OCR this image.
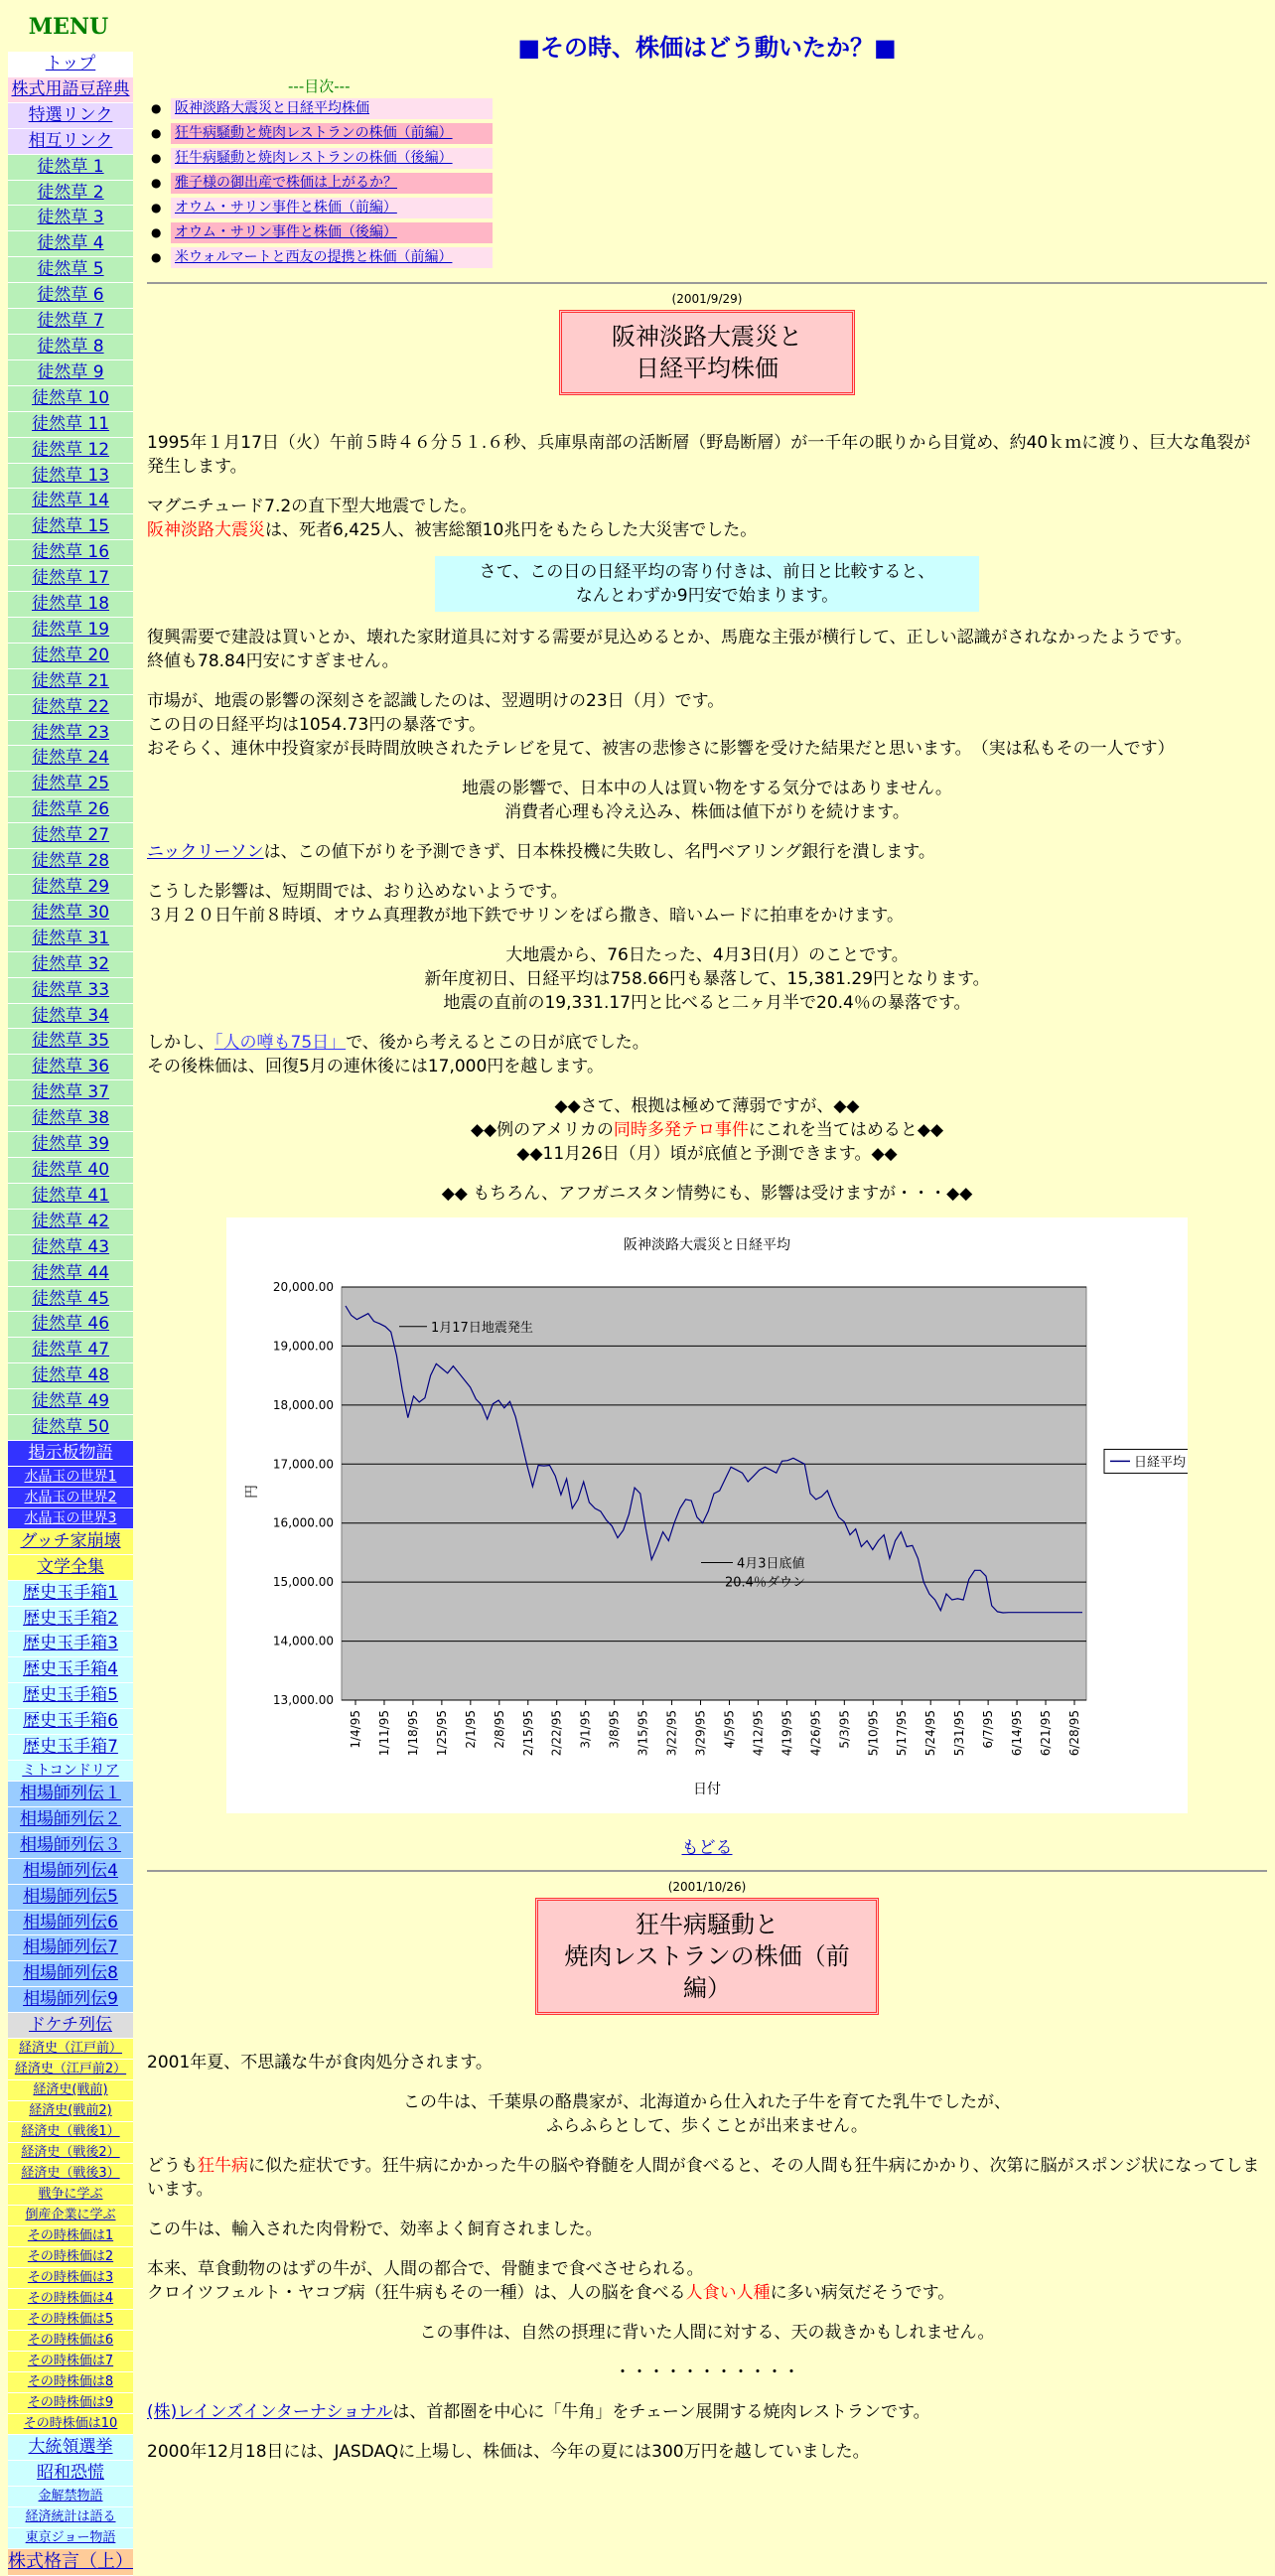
MENU
トップ
株式用語豆辞典
特選リンク
相互リンク
徒然草 1
徒然草 2
徒然草 3
徒然草 4
徒然草 5
徒然草 6
徒然草 7
徒然草 8
徒然草 9
徒然草 10
徒然草 11
徒然草 12
徒然草 13
徒然草 14
徒然草 15
徒然草 16
徒然草 17
徒然草 18
徒然草 19
徒然草 20
徒然草 21
徒然草 22
徒然草 23
徒然草 24
徒然草 25
徒然草 26
徒然草 27
徒然草 28
徒然草 29
徒然草 30
徒然草 31
徒然草 32
徒然草 33
徒然草 34
徒然草 35
徒然草 36
徒然草 37
徒然草 38
徒然草 39
徒然草 40
徒然草 41
徒然草 42
徒然草 43
徒然草 44
徒然草 45
徒然草 46
徒然草 47
徒然草 48
徒然草 49
徒然草 50
掲示板物語
水晶玉の世界1
水晶玉の世界2
水晶玉の世界3
グッチ家崩壊
文学全集
歴史玉手箱1
歴史玉手箱2
歴史玉手箱3
歴史玉手箱4
歴史玉手箱5
歴史玉手箱6
歴史玉手箱7
ミトコンドリア
相場師列伝１
相場師列伝２
相場師列伝３
相場師列伝4
相場師列伝5
相場師列伝6
相場師列伝7
相場師列伝8
相場師列伝9
ドケチ列伝
経済史（江戸前）
経済史（江戸前2）
経済史(戦前)
経済史(戦前2)
経済史（戦後1）
経済史（戦後2）
経済史（戦後3）
戦争に学ぶ
倒産企業に学ぶ
その時株価は1
その時株価は2
その時株価は3
その時株価は4
その時株価は5
その時株価は6
その時株価は7
その時株価は8
その時株価は9
その時株価は10
大統領選挙
昭和恐慌
金解禁物語
経済統計は語る
東京ジョー物語
株式格言（上）
■その時、株価はどう動いたか？■
---目次---
● 阪神淡路大震災と日経平均株価
● 狂牛病騒動と焼肉レストランの株価（前編）
● 狂牛病騒動と焼肉レストランの株価（後編）
● 雅子様の御出産で株価は上がるか？
● オウム・サリン事件と株価（前編）
● オウム・サリン事件と株価（後編）
● 米ウォルマートと西友の提携と株価（前編）
(2001/9/29)
阪神淡路大震災と
日経平均株価

1995年１月17日（火）午前５時４６分５１.６秒、兵庫県南部の活断層（野島断層）が一千年の眠りから目覚め、約40ｋｍに渡り、巨大な亀裂が発生します。

マグニチュード7.2の直下型大地震でした。

阪神淡路大震災は、死者6,425人、被害総額10兆円をもたらした大災害でした。

さて、この日の日経平均の寄り付きは、前日と比較すると、
なんとわずか9円安で始まります。

復興需要で建設は買いとか、壊れた家財道具に対する需要が見込めるとか、馬鹿な主張が横行して、正しい認識がされなかったようです。

終値も78.84円安にすぎません。

市場が、地震の影響の深刻さを認識したのは、翌週明けの23日（月）です。

この日の日経平均は1054.73円の暴落です。

おそらく、連休中投資家が長時間放映されたテレビを見て、被害の悲惨さに影響を受けた結果だと思います。　（実は私もその一人です）

地震の影響で、日本中の人は買い物をする気分ではありません。

消費者心理も冷え込み、株価は値下がりを続けます。

ニックリーソンは、この値下がりを予測できず、日本株投機に失敗し、名門ベアリング銀行を潰します。

こうした影響は、短期間では、おり込めないようです。

３月２０日午前８時頃、オウム真理教が地下鉄でサリンをばら撒き、暗いムードに拍車をかけます。

大地震から、76日たった、4月3日(月）のことです。

新年度初日、日経平均は758.66円も暴落して、15,381.29円となります。

地震の直前の19,331.17円と比べると二ヶ月半で20.4％の暴落です。

しかし、「人の噂も75日」で、後から考えるとこの日が底でした。

その後株価は、回復5月の連休後には17,000円を越します。

◆◆さて、根拠は極めて薄弱ですが、◆◆

◆◆例のアメリカの同時多発テロ事件にこれを当てはめると◆◆

◆◆11月26日（月）頃が底値と予測できます。◆◆

◆◆ もちろん、アフガニスタン情勢にも、影響は受けますが・・・◆◆

阪神淡路大震災と日経平均
13,000.00
14,000.00
15,000.00
16,000.00
17,000.00
18,000.00
19,000.00
20,000.00
1/4/95 1/11/95 1/18/95 1/25/95 2/1/95 2/8/95 2/15/95 2/22/95 3/1/95 3/8/95 3/15/95 3/22/95 3/29/95 4/5/95 4/12/95 4/19/95 4/26/95 5/3/95 5/10/95 5/17/95 5/24/95 5/31/95 6/7/95 6/14/95 6/21/95 6/28/95
1月17日地震発生
4月3日底値
20.4％ダウン
日経平均
日付
円
もどる
(2001/10/26)
狂牛病騒動と
焼肉レストランの株価（前
編）

2001年夏、不思議な牛が食肉処分されます。

この牛は、千葉県の酪農家が、北海道から仕入れた子牛を育てた乳牛でしたが、

ふらふらとして、歩くことが出来ません。

どうも狂牛病に似た症状です。狂牛病にかかった牛の脳や脊髄を人間が食べると、その人間も狂牛病にかかり、次第に脳がスポンジ状になってしまいます。

この牛は、輸入された肉骨粉で、効率よく飼育されました。

本来、草食動物のはずの牛が、人間の都合で、骨髄まで食べさせられる。

クロイツフェルト・ヤコブ病（狂牛病もその一種）は、人の脳を食べる人食い人種に多い病気だそうです。

この事件は、自然の摂理に背いた人間に対する、天の裁きかもしれません。

・・・・・・・・・・・

(株)レインズインターナショナルは、首都圏を中心に「牛角」をチェーン展開する焼肉レストランです。

2000年12月18日には、JASDAQに上場し、株価は、今年の夏には300万円を越していました。
